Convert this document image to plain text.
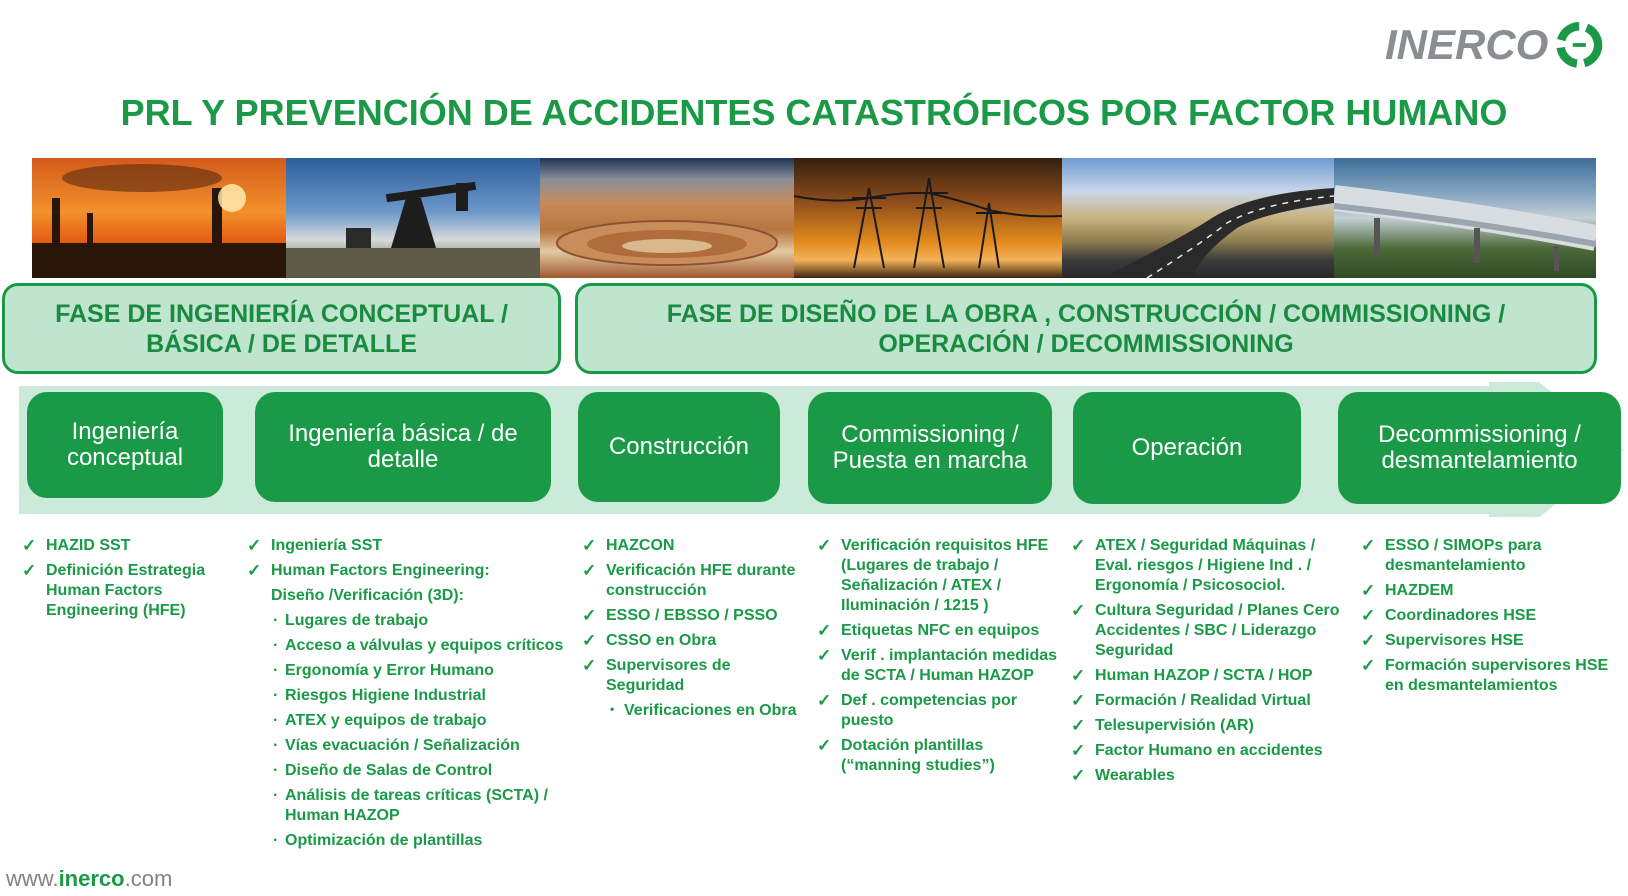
INERCO
PRL Y PREVENCIÓN DE ACCIDENTES CATASTRÓFICOS POR FACTOR HUMANO
FASE DE INGENIERÍA CONCEPTUAL /
BÁSICA / DE DETALLE
FASE DE DISEÑO DE LA OBRA , CONSTRUCCIÓN / COMMISSIONING /
OPERACIÓN / DECOMMISSIONING
Ingeniería conceptual
Ingeniería básica / de detalle	Construcción	Commissioning / Puesta en marcha	Operación	Decommissioning / desmantelamiento
✓ HAZID SST
✓ Definición Estrategia Human Factors Engineering (HFE)
✓ Ingeniería SST
✓ Human Factors Engineering:
Diseño /Verificación (3D):
· Lugares de trabajo
· Acceso a válvulas y equipos críticos
· Ergonomía y Error Humano
· Riesgos Higiene Industrial
· ATEX y equipos de trabajo
· Vías evacuación / Señalización
· Diseño de Salas de Control
· Análisis de tareas críticas (SCTA) / Human HAZOP
· Optimización de plantillas
✓ HAZCON
✓ Verificación HFE durante construcción
✓ ESSO / EBSSO / PSSO
✓ CSSO en Obra
✓ Supervisores de Seguridad
• Verificaciones en Obra
✓ Verificación requisitos HFE (Lugares de trabajo / Señalización / ATEX / Iluminación / 1215 )
✓ Etiquetas NFC en equipos
✓ Verif . implantación medidas de SCTA / Human HAZOP
✓ Def . competencias por puesto
✓ Dotación plantillas (“manning studies”)
✓ ATEX / Seguridad Máquinas / Eval. riesgos / Higiene Ind . / Ergonomía / Psicosociol.
✓ Cultura Seguridad / Planes Cero Accidentes / SBC / Liderazgo Seguridad
✓ Human HAZOP / SCTA / HOP
✓ Formación / Realidad Virtual
✓ Telesupervisión (AR)
✓ Factor Humano en accidentes
✓ Wearables
✓ ESSO / SIMOPs para desmantelamiento
✓ HAZDEM
✓ Coordinadores HSE
✓ Supervisores HSE
✓ Formación supervisores HSE en desmantelamientos
www.inerco.com
